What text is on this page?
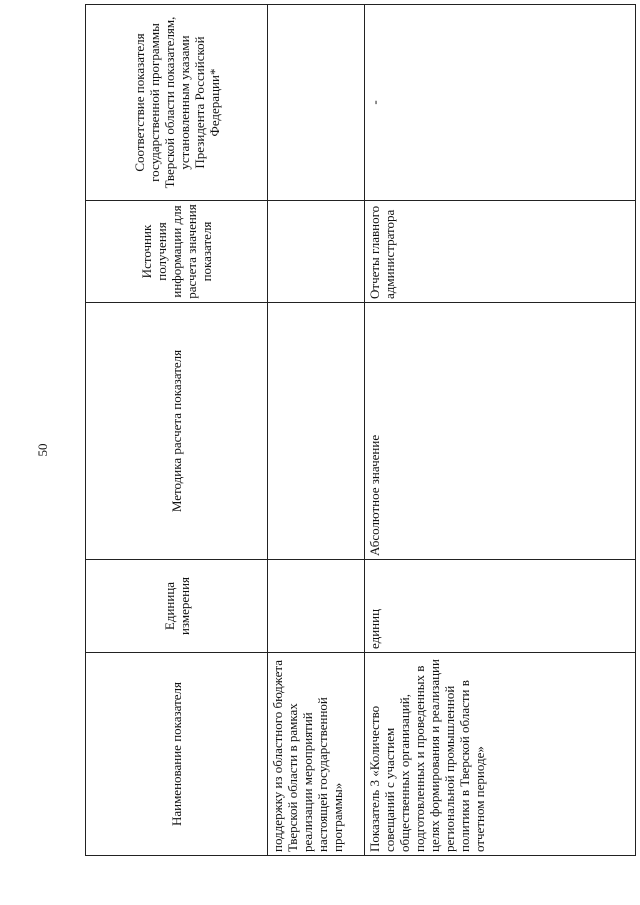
50
Наименование показателя	Единица измерения	Методика расчета показателя	Источник получения информации для расчета значения показателя	Соответствие показателя государственной программы Тверской области показателям, установленным указами Президента Российской Федерации*
поддержку из областного бюджета Тверской области в рамках реализации мероприятий настоящей государственной программы»				
Показатель 3 «Количество совещаний с участием общественных организаций, подготовленных и проведенных в целях формирования и реализации региональной промышленной политики в Тверской области в отчетном периоде»	единиц	Абсолютное значение	Отчеты главного администратора	-
